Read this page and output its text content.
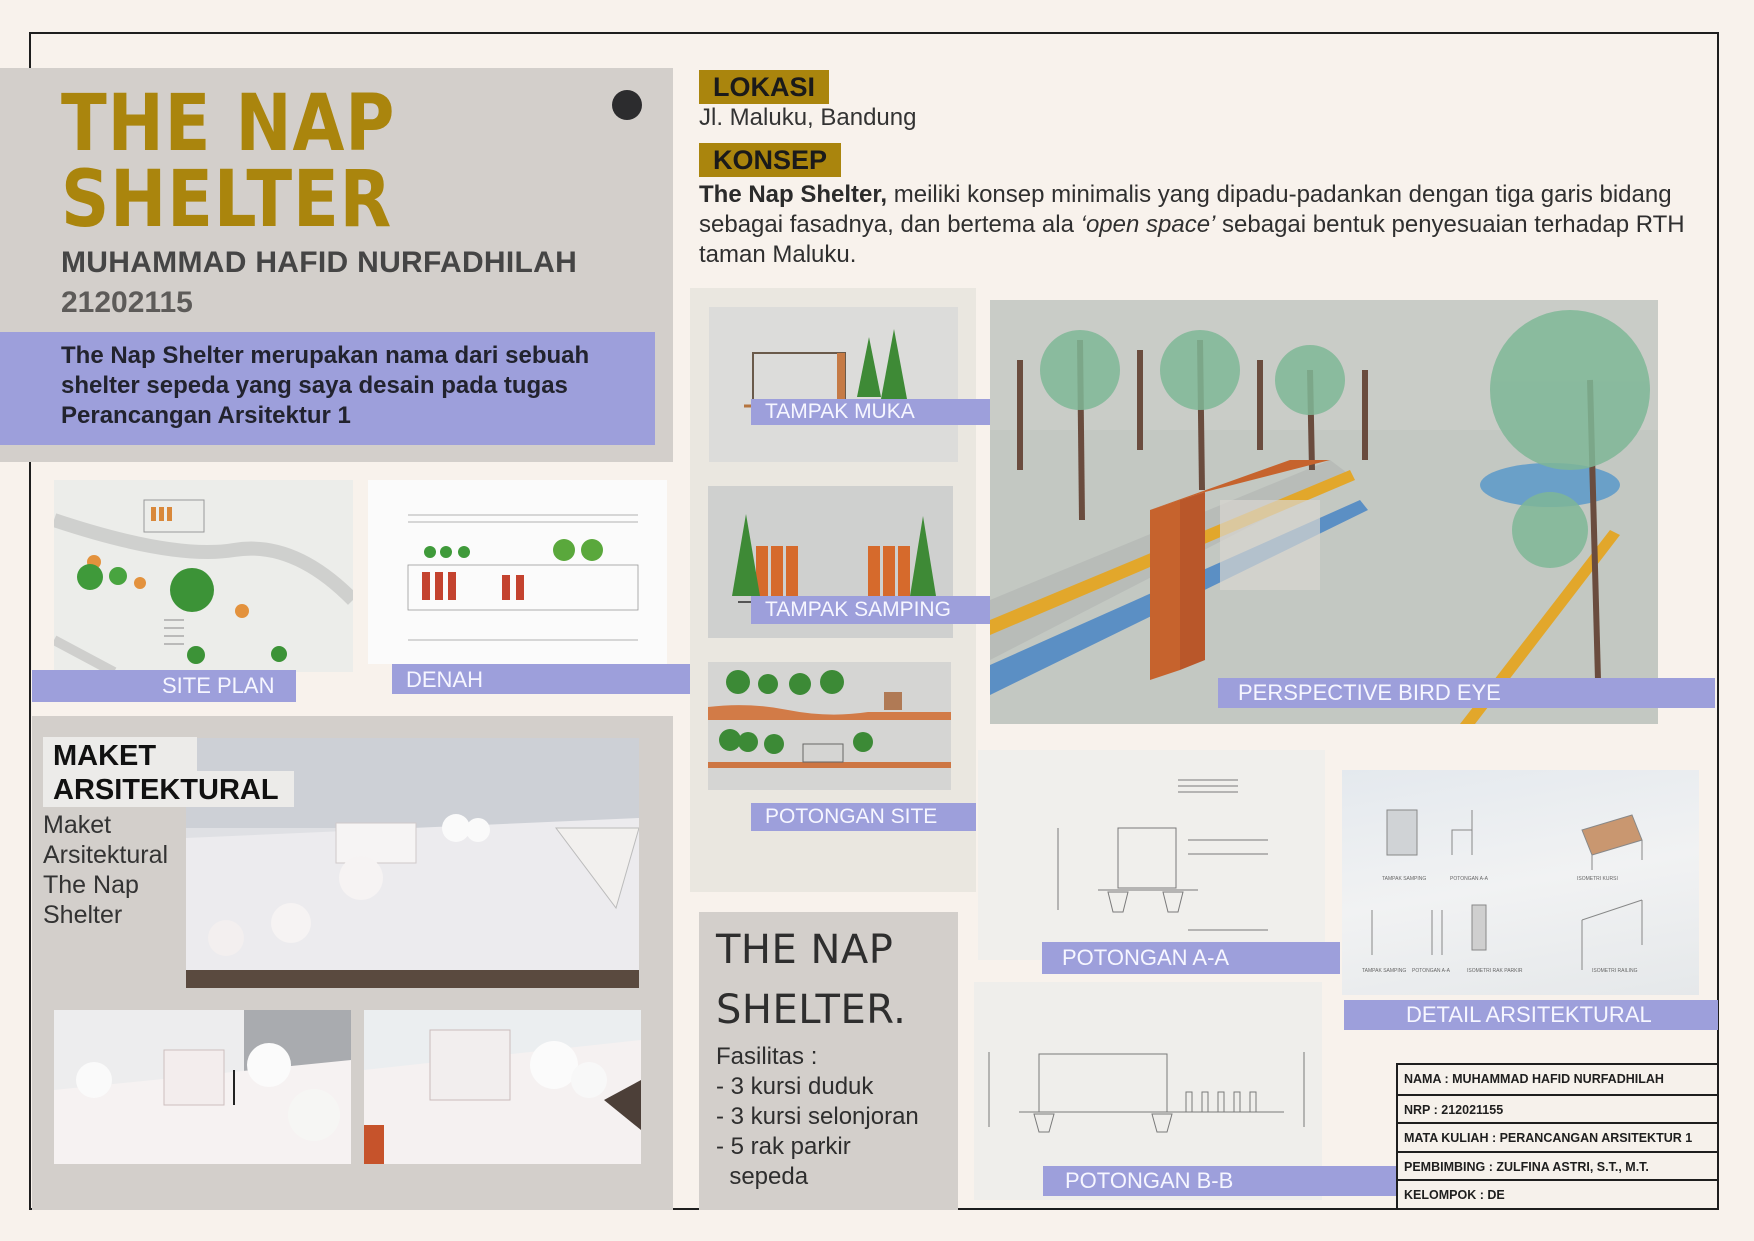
THE NAP
SHELTER
MUHAMMAD HAFID NURFADHILAH
21202115
The Nap Shelter merupakan nama dari sebuah shelter sepeda yang saya desain pada tugas Perancangan Arsitektur 1
LOKASI
Jl. Maluku, Bandung
KONSEP
The Nap Shelter, meiliki konsep minimalis yang dipadu-padankan dengan tiga garis bidang sebagai fasadnya, dan bertema ala ‘open space’ sebagai bentuk penyesuaian terhadap RTH taman Maluku.
SITE PLAN	DENAH
MAKET
ARSITEKTURAL
Maket
Arsitektural
The Nap
Shelter
TAMPAK MUKA
TAMPAK SAMPING
POTONGAN SITE
THE NAP
SHELTER.
Fasilitas :
- 3 kursi duduk
- 3 kursi selonjoran
- 5 rak parkir
sepeda
PERSPECTIVE BIRD EYE
POTONGAN A-A
TAMPAK SAMPING	POTONGAN A-A	ISOMETRI KURSI
TAMPAK SAMPING POTONGAN A-A	ISOMETRI RAK PARKIR	ISOMETRI RAILING
DETAIL ARSITEKTURAL
POTONGAN B-B
NAMA : MUHAMMAD HAFID NURFADHILAH
NRP : 212021155
MATA KULIAH : PERANCANGAN ARSITEKTUR 1
PEMBIMBING : ZULFINA ASTRI, S.T., M.T.
KELOMPOK : DE
